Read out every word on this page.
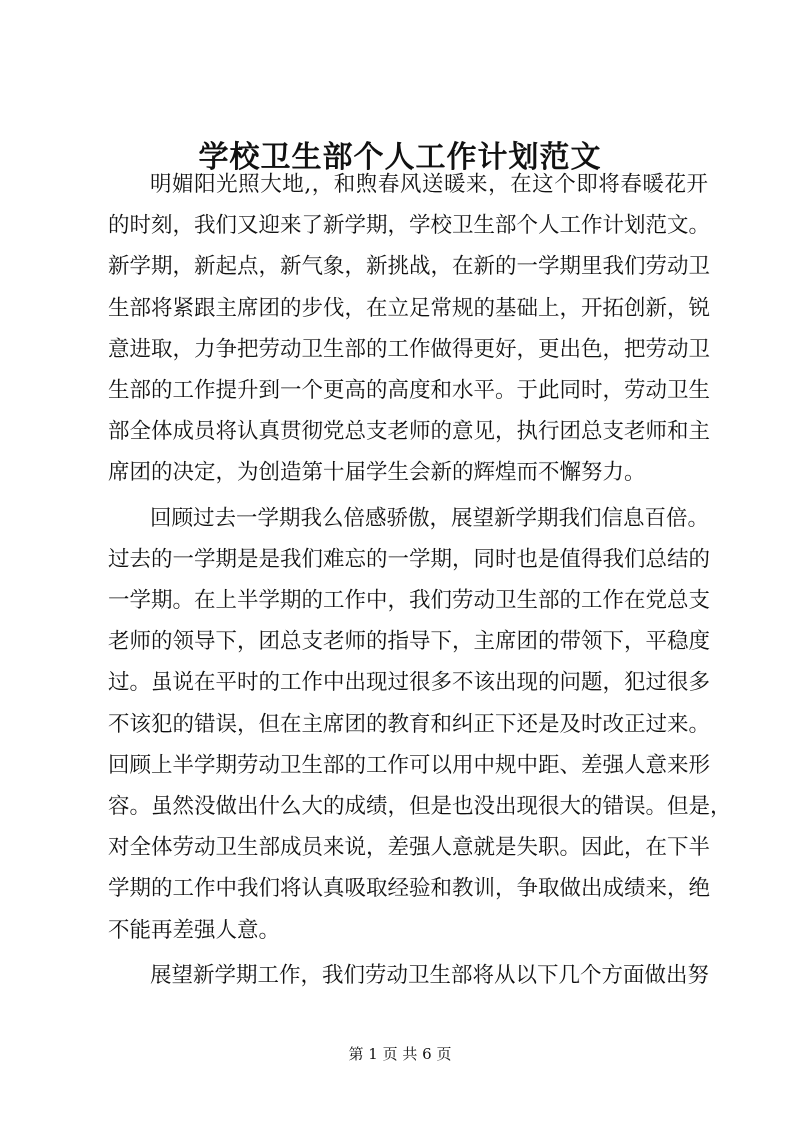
学校卫生部个人工作计划范文

明媚阳光照大地,，和煦春风送暖来，在这个即将春暖花开

的时刻，我们又迎来了新学期，学校卫生部个人工作计划范文。

新学期，新起点，新气象，新挑战，在新的一学期里我们劳动卫

生部将紧跟主席团的步伐，在立足常规的基础上，开拓创新，锐

意进取，力争把劳动卫生部的工作做得更好，更出色，把劳动卫

生部的工作提升到一个更高的高度和水平。于此同时，劳动卫生

部全体成员将认真贯彻党总支老师的意见，执行团总支老师和主

席团的决定，为创造第十届学生会新的辉煌而不懈努力。

回顾过去一学期我么倍感骄傲，展望新学期我们信息百倍。

过去的一学期是是我们难忘的一学期，同时也是值得我们总结的

一学期。在上半学期的工作中，我们劳动卫生部的工作在党总支

老师的领导下，团总支老师的指导下，主席团的带领下，平稳度

过。虽说在平时的工作中出现过很多不该出现的问题，犯过很多

不该犯的错误，但在主席团的教育和纠正下还是及时改正过来。

回顾上半学期劳动卫生部的工作可以用中规中距、差强人意来形

容。虽然没做出什么大的成绩，但是也没出现很大的错误。但是，

对全体劳动卫生部成员来说，差强人意就是失职。因此，在下半

学期的工作中我们将认真吸取经验和教训，争取做出成绩来，绝

不能再差强人意。

展望新学期工作，我们劳动卫生部将从以下几个方面做出努

第 1 页 共 6 页
